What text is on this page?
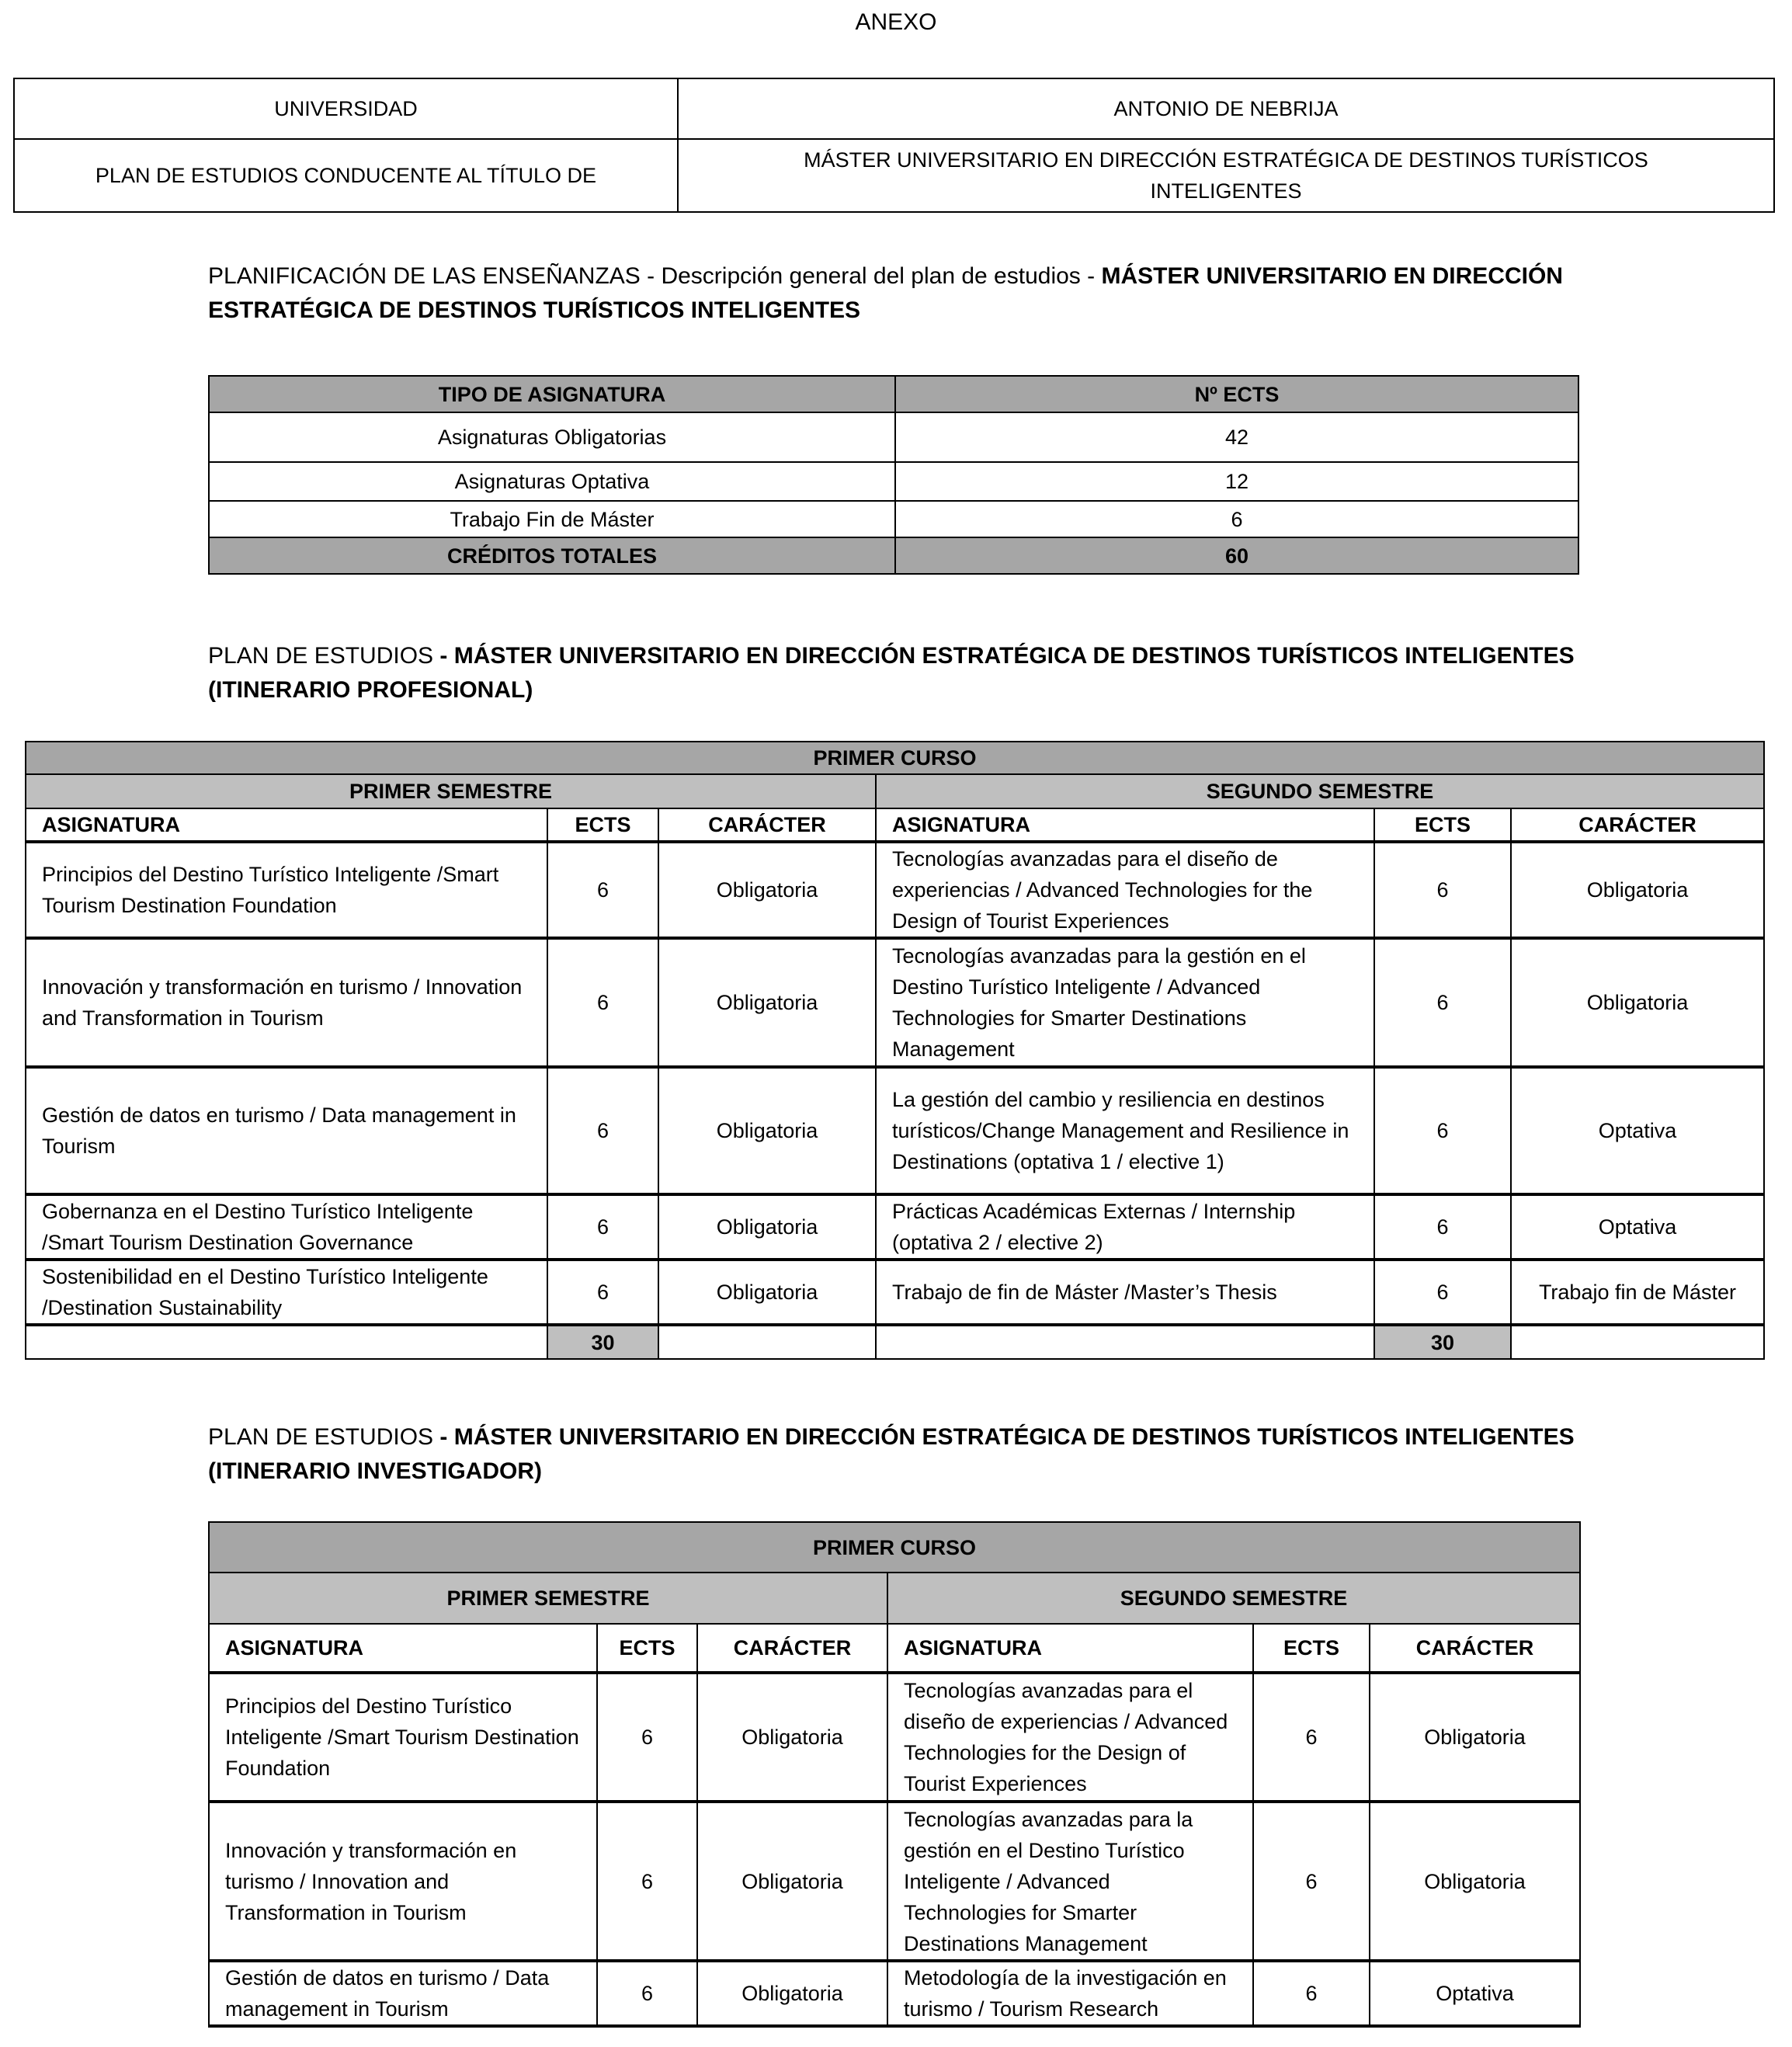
ANEXO
UNIVERSIDAD	ANTONIO DE NEBRIJA
PLAN DE ESTUDIOS CONDUCENTE AL TÍTULO DE	MÁSTER UNIVERSITARIO EN DIRECCIÓN ESTRATÉGICA DE DESTINOS TURÍSTICOS INTELIGENTES
PLANIFICACIÓN DE LAS ENSEÑANZAS - Descripción general del plan de estudios - MÁSTER UNIVERSITARIO EN DIRECCIÓN ESTRATÉGICA DE DESTINOS TURÍSTICOS INTELIGENTES
TIPO DE ASIGNATURA	Nº ECTS
Asignaturas Obligatorias	42
Asignaturas Optativa	12
Trabajo Fin de Máster	6
CRÉDITOS TOTALES	60
PLAN DE ESTUDIOS - MÁSTER UNIVERSITARIO EN DIRECCIÓN ESTRATÉGICA DE DESTINOS TURÍSTICOS INTELIGENTES (ITINERARIO PROFESIONAL)
PRIMER CURSO					
PRIMER SEMESTRE			SEGUNDO SEMESTRE		
ASIGNATURA	ECTS	CARÁCTER	ASIGNATURA	ECTS	CARÁCTER
Principios del Destino Turístico Inteligente /Smart Tourism Destination Foundation	6	Obligatoria	Tecnologías avanzadas para el diseño de experiencias / Advanced Technologies for the Design of Tourist Experiences	6	Obligatoria
Innovación y transformación en turismo / Innovation and Transformation in Tourism	6	Obligatoria	Tecnologías avanzadas para la gestión en el Destino Turístico Inteligente / Advanced Technologies for Smarter Destinations Management	6	Obligatoria
Gestión de datos en turismo / Data management in Tourism	6	Obligatoria	La gestión del cambio y resiliencia en destinos turísticos/Change Management and Resilience in Destinations (optativa 1 / elective 1)	6	Optativa
Gobernanza en el Destino Turístico Inteligente /Smart Tourism Destination Governance	6	Obligatoria	Prácticas Académicas Externas / Internship (optativa 2 / elective 2)	6	Optativa
Sostenibilidad en el Destino Turístico Inteligente /Destination Sustainability	6	Obligatoria	Trabajo de fin de Máster /Master’s Thesis	6	Trabajo fin de Máster
	30			30	
PLAN DE ESTUDIOS - MÁSTER UNIVERSITARIO EN DIRECCIÓN ESTRATÉGICA DE DESTINOS TURÍSTICOS INTELIGENTES (ITINERARIO INVESTIGADOR)
PRIMER CURSO					
PRIMER SEMESTRE			SEGUNDO SEMESTRE		
ASIGNATURA	ECTS	CARÁCTER	ASIGNATURA	ECTS	CARÁCTER
Principios del Destino Turístico Inteligente /Smart Tourism Destination Foundation	6	Obligatoria	Tecnologías avanzadas para el diseño de experiencias / Advanced Technologies for the Design of Tourist Experiences	6	Obligatoria
Innovación y transformación en turismo / Innovation and Transformation in Tourism	6	Obligatoria	Tecnologías avanzadas para la gestión en el Destino Turístico Inteligente / Advanced Technologies for Smarter Destinations Management	6	Obligatoria
Gestión de datos en turismo / Data management in Tourism	6	Obligatoria	Metodología de la investigación en turismo / Tourism Research	6	Optativa
